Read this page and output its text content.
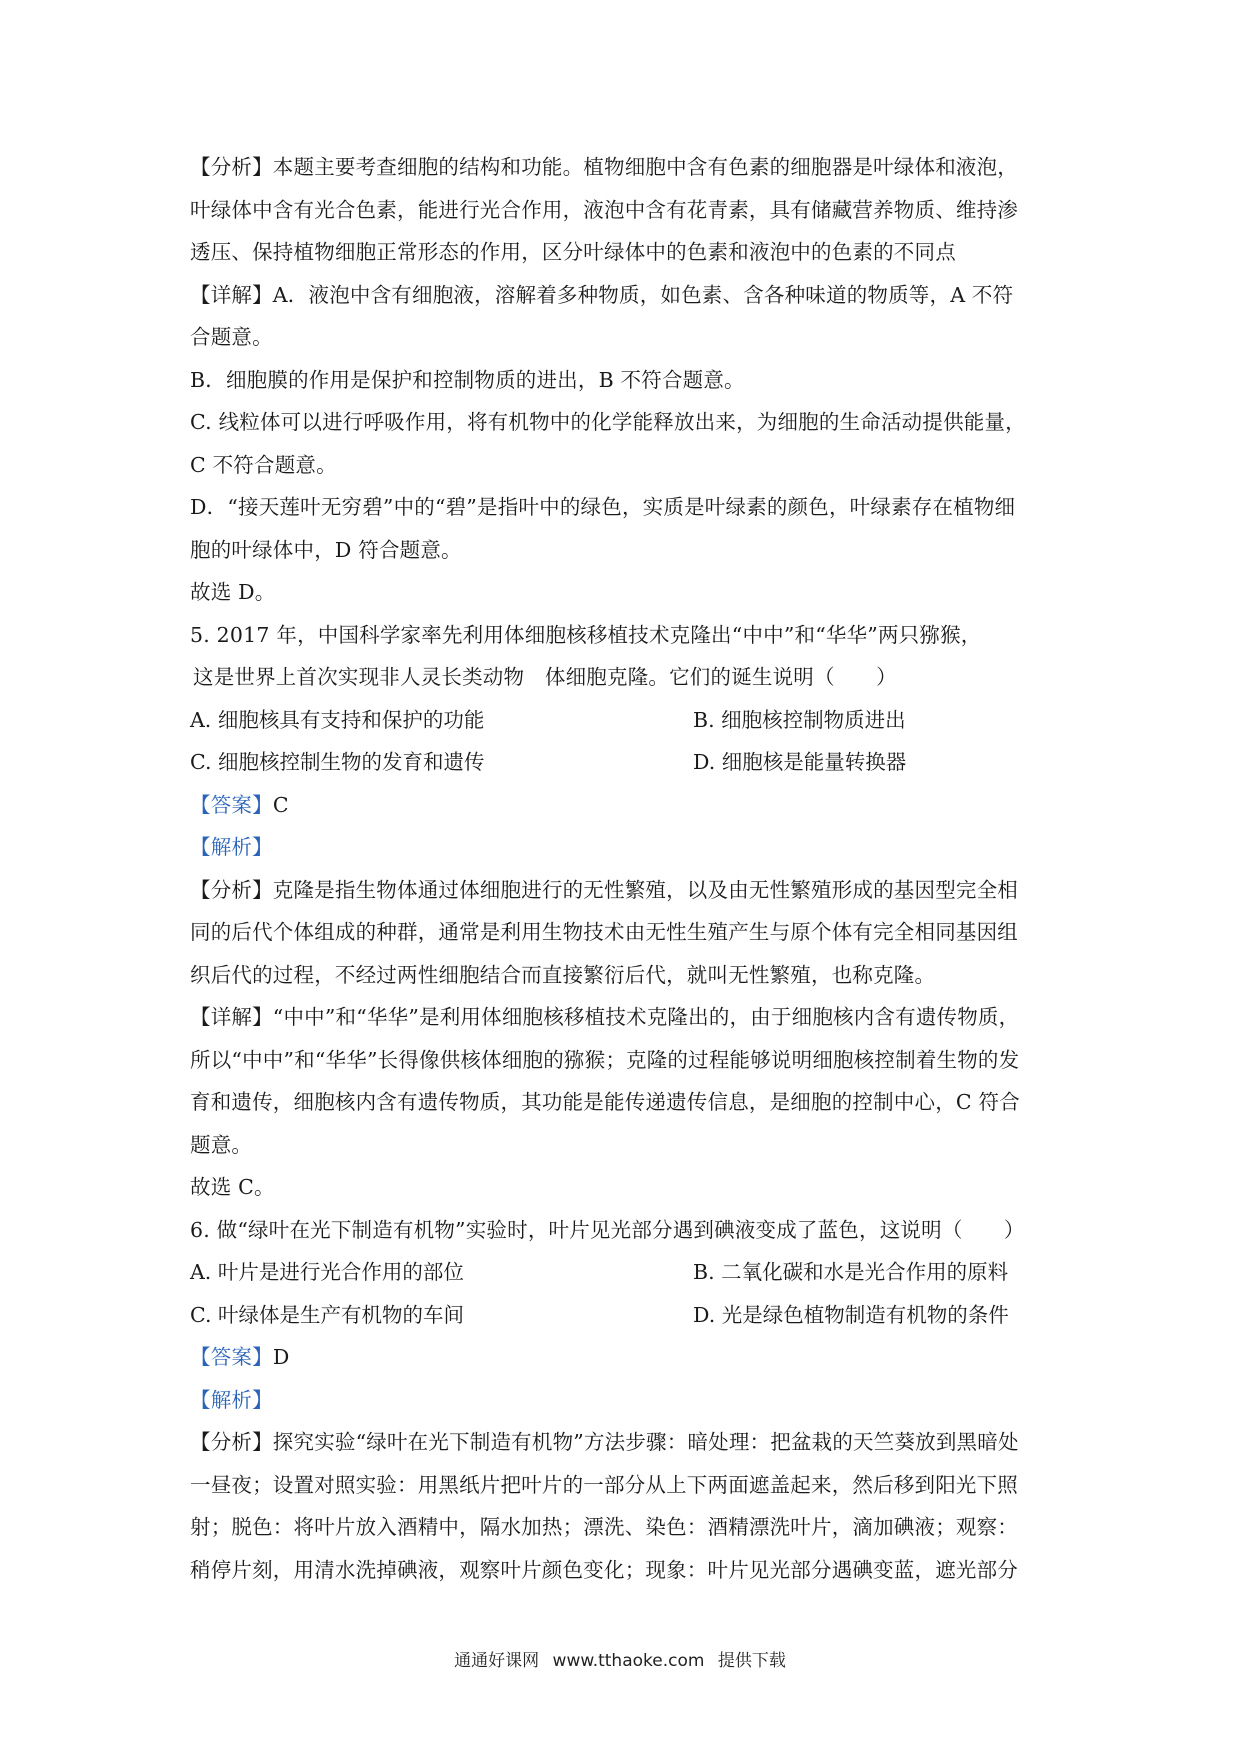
【分析】本题主要考查细胞的结构和功能。植物细胞中含有色素的细胞器是叶绿体和液泡，
叶绿体中含有光合色素，能进行光合作用，液泡中含有花青素，具有储藏营养物质、维持渗
透压、保持植物细胞正常形态的作用，区分叶绿体中的色素和液泡中的色素的不同点
【详解】A．液泡中含有细胞液，溶解着多种物质，如色素、含各种味道的物质等，A 不符
合题意。
B．细胞膜的作用是保护和控制物质的进出，B 不符合题意。
C. 线粒体可以进行呼吸作用，将有机物中的化学能释放出来，为细胞的生命活动提供能量，
C 不符合题意。
D．“接天莲叶无穷碧”中的“碧”是指叶中的绿色，实质是叶绿素的颜色，叶绿素存在植物细
胞的叶绿体中，D 符合题意。
故选 D。
5. 2017 年，中国科学家率先利用体细胞核移植技术克隆出“中中”和“华华”两只猕猴，
这是世界上首次实现非人灵长类动物　体细胞克隆。它们的诞生说明（　　）
A. 细胞核具有支持和保护的功能	B. 细胞核控制物质进出
C. 细胞核控制生物的发育和遗传	D. 细胞核是能量转换器
【答案】C
【解析】
【分析】克隆是指生物体通过体细胞进行的无性繁殖，以及由无性繁殖形成的基因型完全相
同的后代个体组成的种群，通常是利用生物技术由无性生殖产生与原个体有完全相同基因组
织后代的过程，不经过两性细胞结合而直接繁衍后代，就叫无性繁殖，也称克隆。
【详解】“中中”和“华华”是利用体细胞核移植技术克隆出的，由于细胞核内含有遗传物质，
所以“中中”和“华华”长得像供核体细胞的猕猴；克隆的过程能够说明细胞核控制着生物的发
育和遗传，细胞核内含有遗传物质，其功能是能传递遗传信息，是细胞的控制中心，C 符合
题意。
故选 C。
6. 做“绿叶在光下制造有机物”实验时，叶片见光部分遇到碘液变成了蓝色，这说明（　　）
A. 叶片是进行光合作用的部位	B. 二氧化碳和水是光合作用的原料
C. 叶绿体是生产有机物的车间	D. 光是绿色植物制造有机物的条件
【答案】D
【解析】
【分析】探究实验“绿叶在光下制造有机物”方法步骤：暗处理：把盆栽的天竺葵放到黑暗处
一昼夜；设置对照实验：用黑纸片把叶片的一部分从上下两面遮盖起来，然后移到阳光下照
射；脱色：将叶片放入酒精中，隔水加热；漂洗、染色：酒精漂洗叶片，滴加碘液；观察：
稍停片刻，用清水洗掉碘液，观察叶片颜色变化；现象：叶片见光部分遇碘变蓝，遮光部分
通通好课网 www.tthaoke.com 提供下载
